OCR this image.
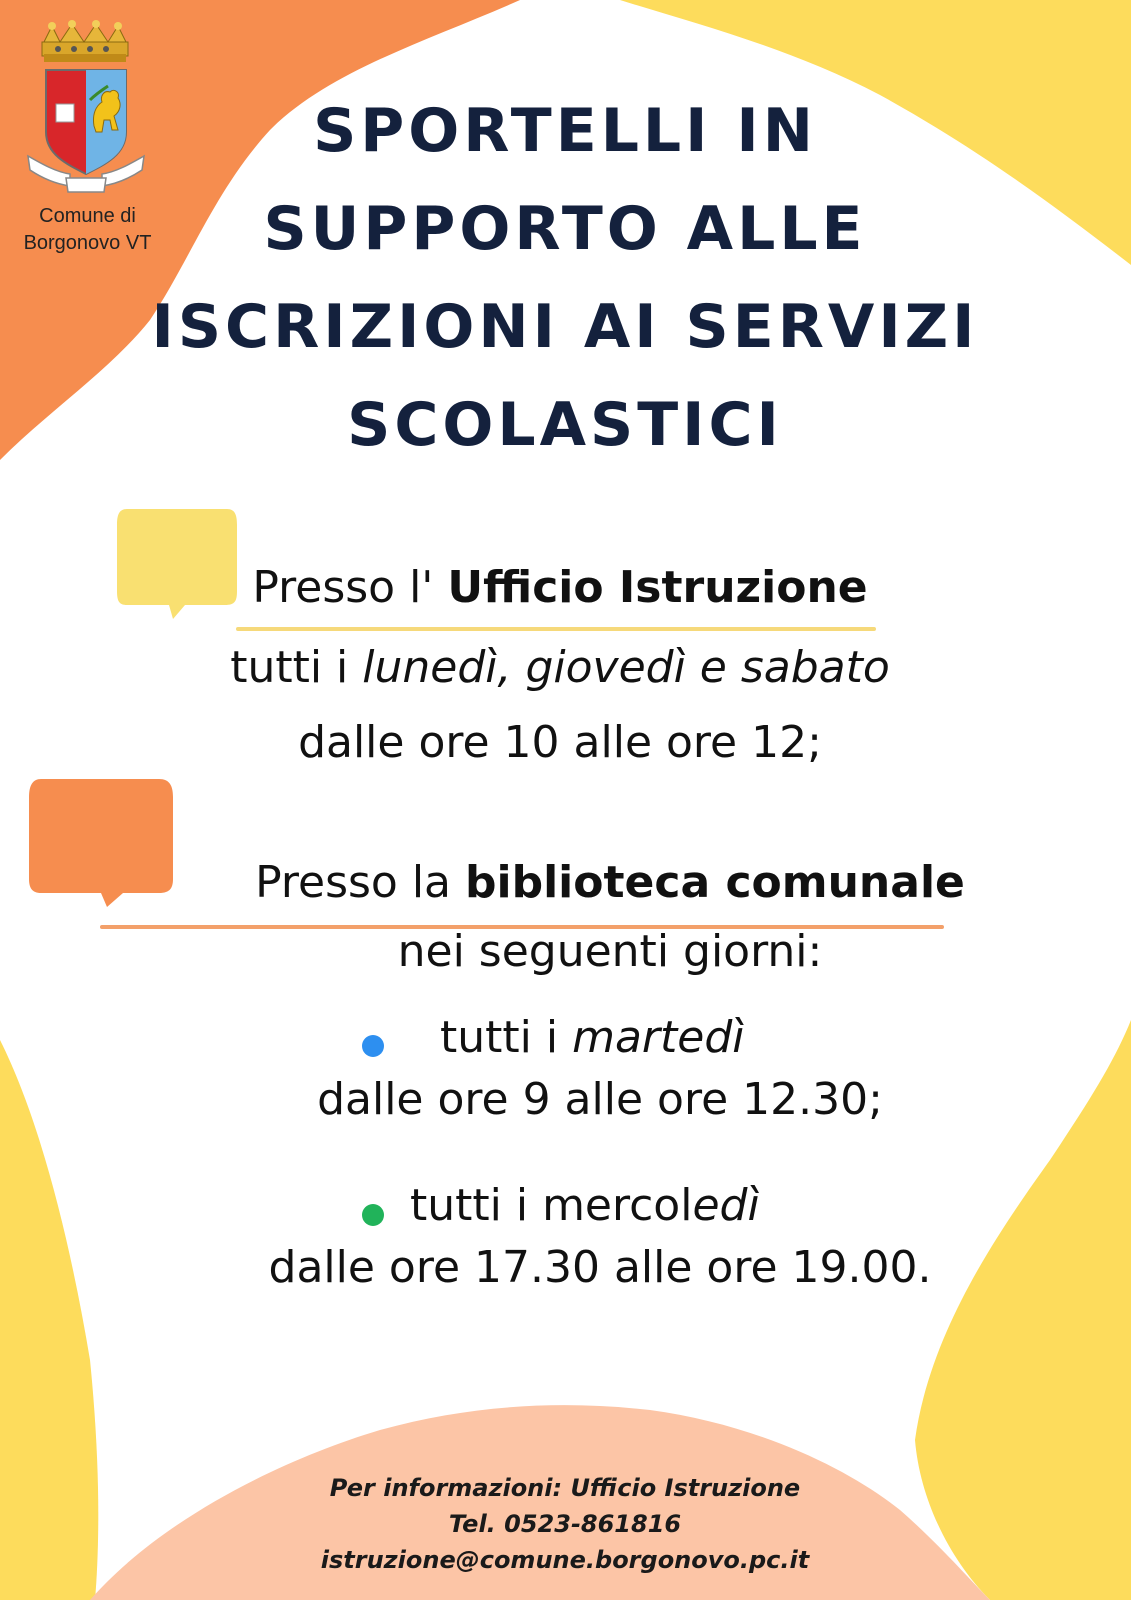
Comune di
Borgonovo VT
SPORTELLI IN
SUPPORTO ALLE
ISCRIZIONI AI SERVIZI
SCOLASTICI
Presso l' Ufficio Istruzione
tutti i lunedì, giovedì e sabato
dalle ore 10 alle ore 12;
Presso la biblioteca comunale
nei seguenti giorni:
tutti i martedì
dalle ore 9 alle ore 12.30;
tutti i mercoledì
dalle ore 17.30 alle ore 19.00.
Per informazioni: Ufficio Istruzione
Tel. 0523-861816
istruzione@comune.borgonovo.pc.it
